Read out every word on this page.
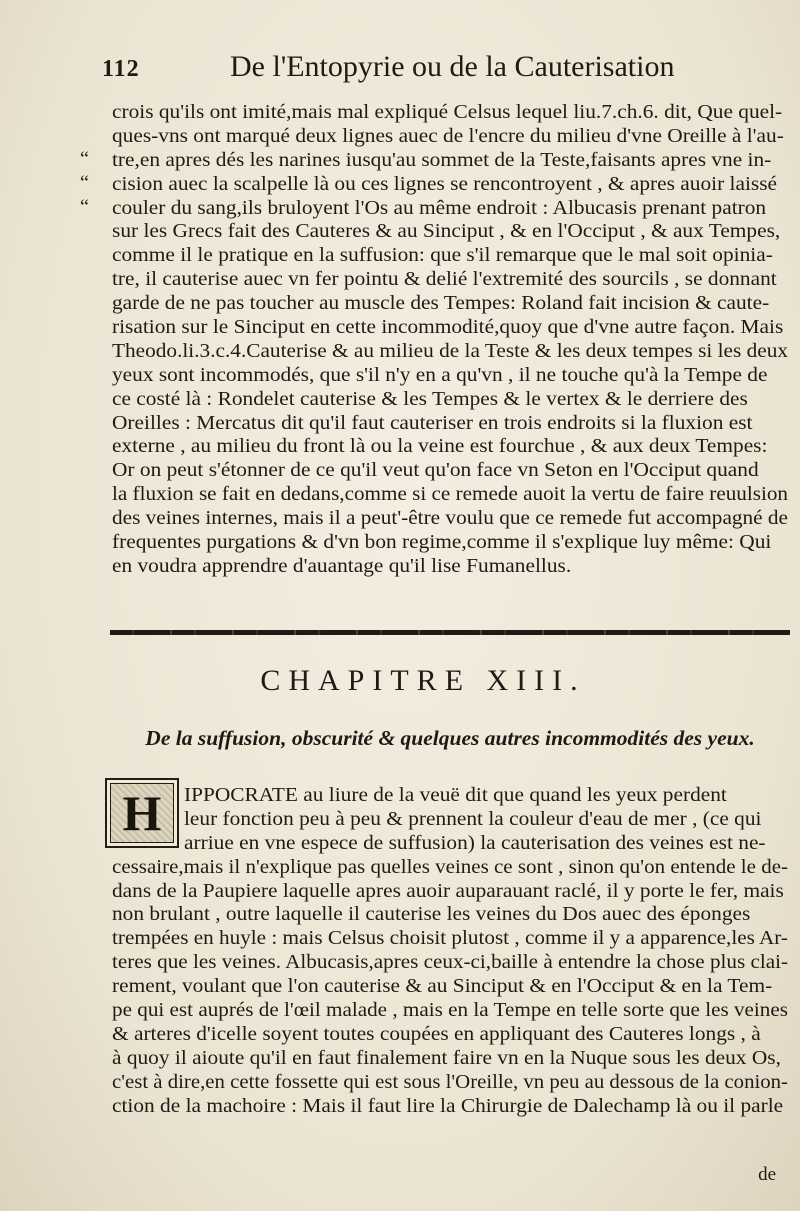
112	De l'Entopyrie ou de la Cauterisation
“
“
“
crois qu'ils ont imité,mais mal expliqué Celsus lequel liu.7.ch.6. dit, Que quel-
ques-vns ont marqué deux lignes auec de l'encre du milieu d'vne Oreille à l'au-
tre,en apres dés les narines iusqu'au sommet de la Teste,faisants apres vne in-
cision auec la scalpelle là ou ces lignes se rencontroyent , & apres auoir laissé
couler du sang,ils bruloyent l'Os au même endroit : Albucasis prenant patron
sur les Grecs fait des Cauteres & au Sinciput , & en l'Occiput , & aux Tempes,
comme il le pratique en la suffusion: que s'il remarque que le mal soit opinia-
tre, il cauterise auec vn fer pointu & delié l'extremité des sourcils , se donnant
garde de ne pas toucher au muscle des Tempes: Roland fait incision & caute-
risation sur le Sinciput en cette incommodité,quoy que d'vne autre façon. Mais
Theodo.li.3.c.4.Cauterise & au milieu de la Teste & les deux tempes si les deux
yeux sont incommodés, que s'il n'y en a qu'vn , il ne touche qu'à la Tempe de
ce costé là : Rondelet cauterise & les Tempes & le vertex & le derriere des
Oreilles : Mercatus dit qu'il faut cauteriser en trois endroits si la fluxion est
externe , au milieu du front là ou la veine est fourchue , & aux deux Tempes:
Or on peut s'étonner de ce qu'il veut qu'on face vn Seton en l'Occiput quand
la fluxion se fait en dedans,comme si ce remede auoit la vertu de faire reuulsion
des veines internes, mais il a peut'-être voulu que ce remede fut accompagné de
frequentes purgations & d'vn bon regime,comme il s'explique luy même: Qui
en voudra apprendre d'auantage qu'il lise Fumanellus.
CHAPITRE XIII.
De la suffusion, obscurité & quelques autres incommodités des yeux.
H	IPPOCRATE au liure de la veuë dit que quand les yeux perdent
leur fonction peu à peu & prennent la couleur d'eau de mer , (ce qui
arriue en vne espece de suffusion) la cauterisation des veines est ne-
cessaire,mais il n'explique pas quelles veines ce sont , sinon qu'on entende le de-
dans de la Paupiere laquelle apres auoir auparauant raclé, il y porte le fer, mais
non brulant , outre laquelle il cauterise les veines du Dos auec des éponges
trempées en huyle : mais Celsus choisit plutost , comme il y a apparence,les Ar-
teres que les veines. Albucasis,apres ceux-ci,baille à entendre la chose plus clai-
rement, voulant que l'on cauterise & au Sinciput & en l'Occiput & en la Tem-
pe qui est auprés de l'œil malade , mais en la Tempe en telle sorte que les veines
& arteres d'icelle soyent toutes coupées en appliquant des Cauteres longs , à
à quoy il aioute qu'il en faut finalement faire vn en la Nuque sous les deux Os,
c'est à dire,en cette fossette qui est sous l'Oreille, vn peu au dessous de la conion-
ction de la machoire : Mais il faut lire la Chirurgie de Dalechamp là ou il parle
de
